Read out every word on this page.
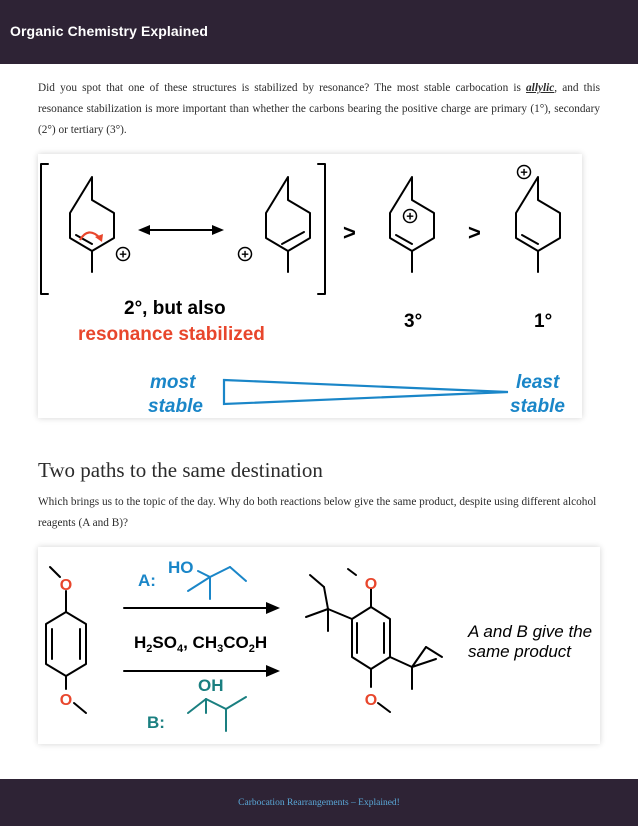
Organic Chemistry Explained

Did you spot that one of these structures is stabilized by resonance? The most stable carbocation is allylic, and this resonance stabilization is more important than whether the carbons bearing the positive charge are primary (1°), secondary (2°) or tertiary (3°).

+	+
+
+
>	>
2°, but also
resonance stabilized
3°	1°
most
stable
least
stable
Two paths to the same destination

Which brings us to the topic of the day. Why do both reactions below give the same product, despite using different alcohol reagents (A and B)?

O
O
O
O
A:
HO
OH
B:
$H_2SO_4$, $CH_3CO_2H$
A and B give the
same product
Carbocation Rearrangements – Explained!
